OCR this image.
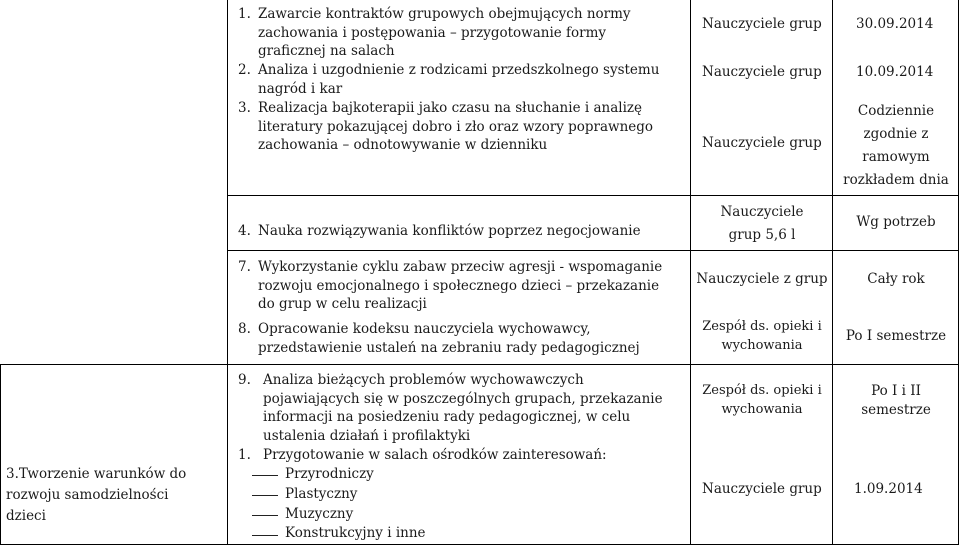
1. Zawarcie kontraktów grupowych obejmujących normy
zachowania i postępowania – przygotowanie formy
graficznej na salach
2. Analiza i uzgodnienie z rodzicami przedszkolnego systemu
nagród i kar
3. Realizacja bajkoterapii jako czasu na słuchanie i analizę
literatury pokazującej dobro i zło oraz wzory poprawnego
zachowania – odnotowywanie w dzienniku
Nauczyciele grup
Nauczyciele grup
Nauczyciele grup
30.09.2014
10.09.2014
Codziennie
zgodnie z
ramowym
rozkładem dnia
4. Nauka rozwiązywania konfliktów poprzez negocjowanie
Nauczyciele
grup 5,6 l
Wg potrzeb
7. Wykorzystanie cyklu zabaw przeciw agresji - wspomaganie
rozwoju emocjonalnego i społecznego dzieci – przekazanie
do grup w celu realizacji
8. Opracowanie kodeksu nauczyciela wychowawcy,
przedstawienie ustaleń na zebraniu rady pedagogicznej
Nauczyciele z grup
Zespół ds. opieki i
wychowania
Cały rok
Po I semestrze
3.Tworzenie warunków do
rozwoju samodzielności
dzieci
9. Analiza bieżących problemów wychowawczych
pojawiających się w poszczególnych grupach, przekazanie
informacji na posiedzeniu rady pedagogicznej, w celu
ustalenia działań i profilaktyki
1. Przygotowanie w salach ośrodków zainteresowań:
Przyrodniczy
Plastyczny
Muzyczny
Konstrukcyjny i inne
Zespół ds. opieki i
wychowania
Nauczyciele grup
Po I i II
semestrze
1.09.2014
